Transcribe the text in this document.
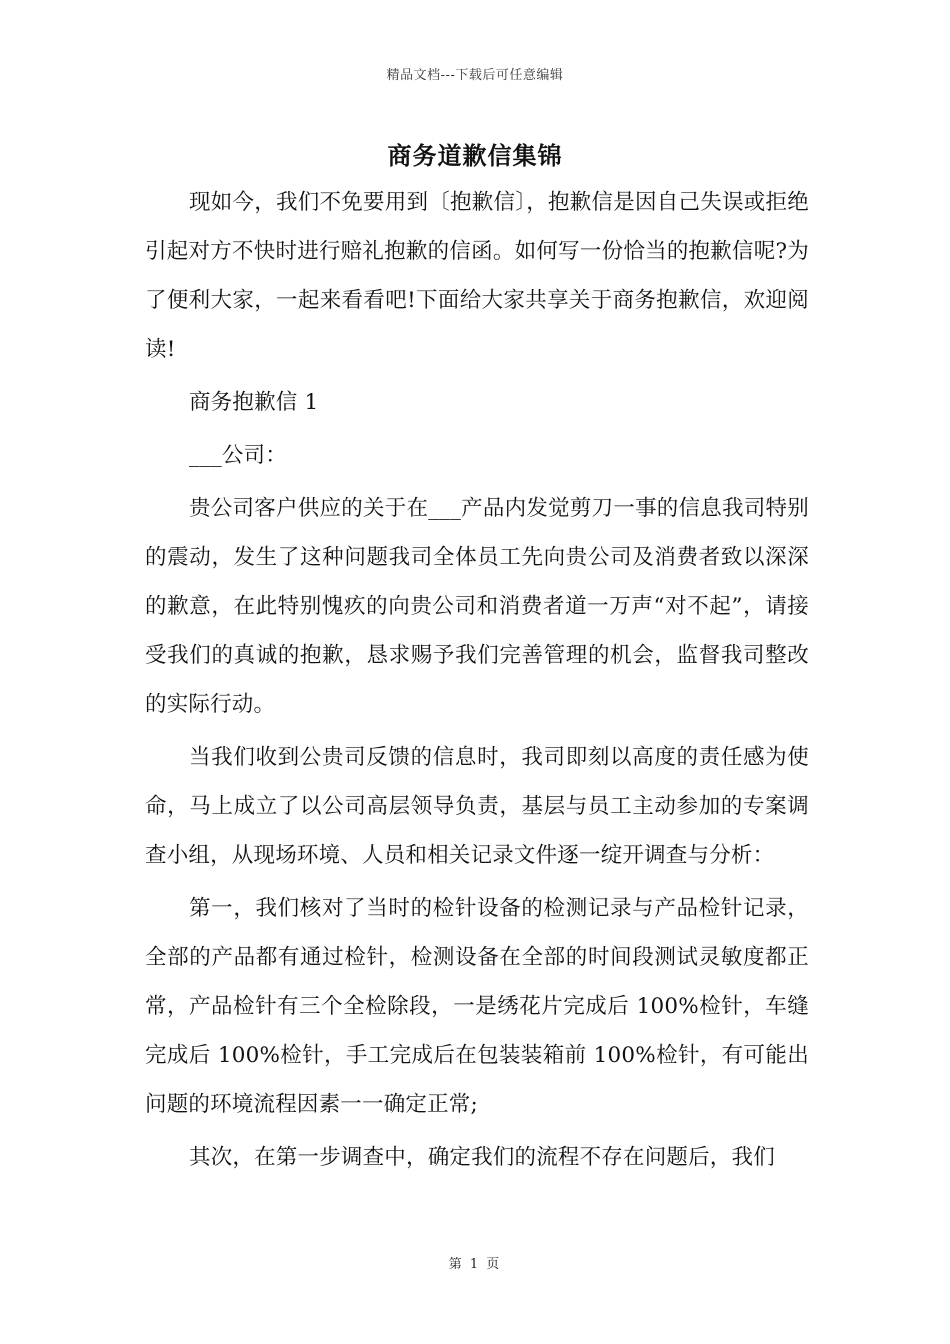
精品文档---下载后可任意编辑
商务道歉信集锦

现如今，我们不免要用到〔抱歉信〕，抱歉信是因自己失误或拒绝引起对方不快时进行赔礼抱歉的信函。如何写一份恰当的抱歉信呢?为了便利大家，一起来看看吧!下面给大家共享关于商务抱歉信，欢迎阅读!

商务抱歉信 1

___公司：

贵公司客户供应的关于在___产品内发觉剪刀一事的信息我司特别的震动，发生了这种问题我司全体员工先向贵公司及消费者致以深深的歉意，在此特别愧疚的向贵公司和消费者道一万声“对不起”，请接受我们的真诚的抱歉，恳求赐予我们完善管理的机会，监督我司整改的实际行动。

当我们收到公贵司反馈的信息时，我司即刻以高度的责任感为使命，马上成立了以公司高层领导负责，基层与员工主动参加的专案调查小组，从现场环境、人员和相关记录文件逐一绽开调查与分析：

第一，我们核对了当时的检针设备的检测记录与产品检针记录，全部的产品都有通过检针，检测设备在全部的时间段测试灵敏度都正常，产品检针有三个全检除段，一是绣花片完成后 100%检针，车缝完成后 100%检针，手工完成后在包装装箱前 100%检针，有可能出问题的环境流程因素一一确定正常;

其次，在第一步调查中，确定我们的流程不存在问题后，我们

第 1 页
